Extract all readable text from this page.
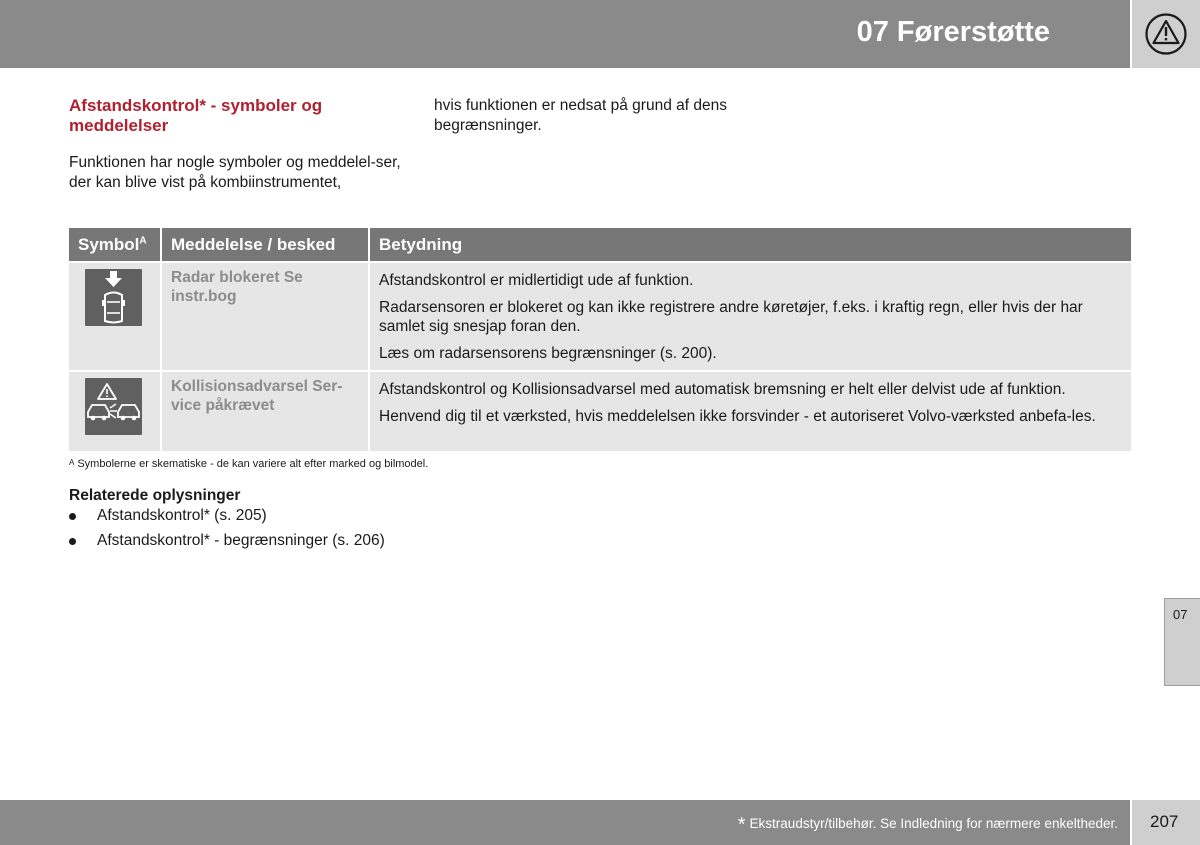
07 Førerstøtte
Afstandskontrol* - symboler og meddelelser
Funktionen har nogle symboler og meddelel-ser, der kan blive vist på kombiinstrumentet,
hvis funktionen er nedsat på grund af dens begrænsninger.
Symbol$^A$	Meddelelse / besked	Betydning

	Radar blokeret Se instr.bog	Afstandskontrol er midlertidigt ude af funktion.

Radarsensoren er blokeret og kan ikke registrere andre køretøjer, f.eks. i kraftig regn, eller hvis der har samlet sig snesjap foran den.

Læs om radarsensorens begrænsninger (s. 200).

	Kollisionsadvarsel Ser-vice påkrævet	Afstandskontrol og Kollisionsadvarsel med automatisk bremsning er helt eller delvist ude af funktion.

Henvend dig til et værksted, hvis meddelelsen ikke forsvinder - et autoriseret Volvo-værksted anbefa-les.

$^A$ Symbolerne er skematiske - de kan variere alt efter marked og bilmodel.
Relaterede oplysninger
Afstandskontrol* (s. 205)
Afstandskontrol* - begrænsninger (s. 206)
07
* Ekstraudstyr/tilbehør. Se Indledning for nærmere enkeltheder. 207
